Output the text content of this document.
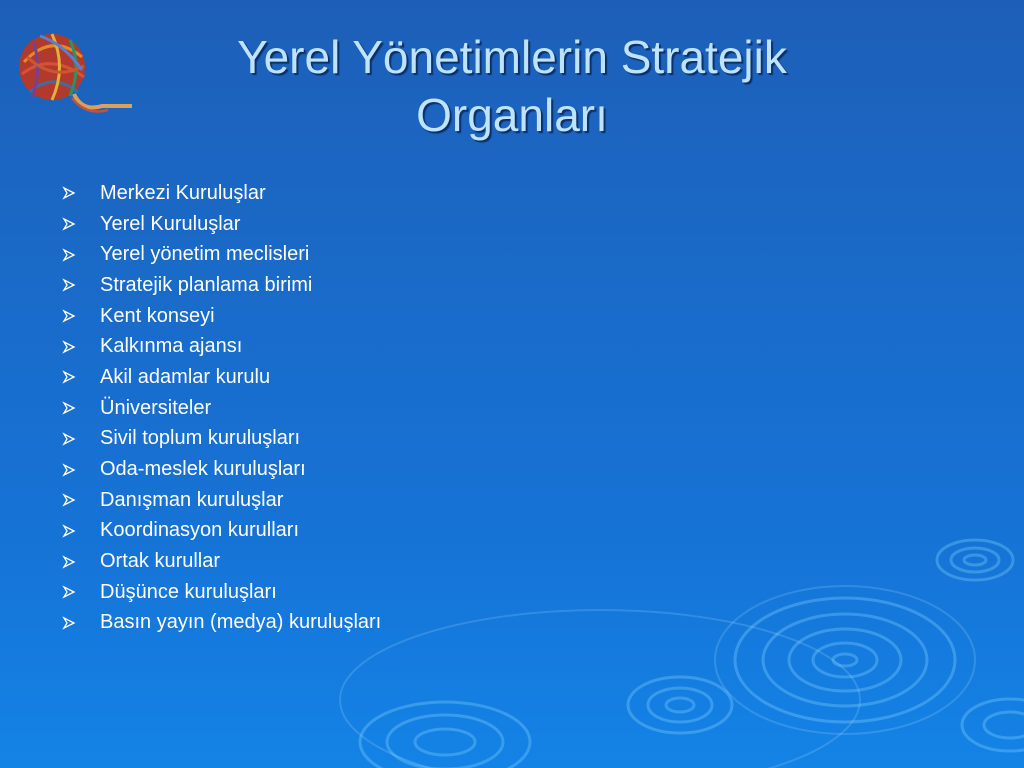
Yerel Yönetimlerin Stratejik Organları
Merkezi Kuruluşlar
Yerel Kuruluşlar
Yerel yönetim meclisleri
Stratejik planlama birimi
Kent konseyi
Kalkınma ajansı
Akil adamlar kurulu
Üniversiteler
Sivil toplum kuruluşları
Oda-meslek kuruluşları
Danışman kuruluşlar
Koordinasyon kurulları
Ortak kurullar
Düşünce kuruluşları
Basın yayın (medya) kuruluşları
